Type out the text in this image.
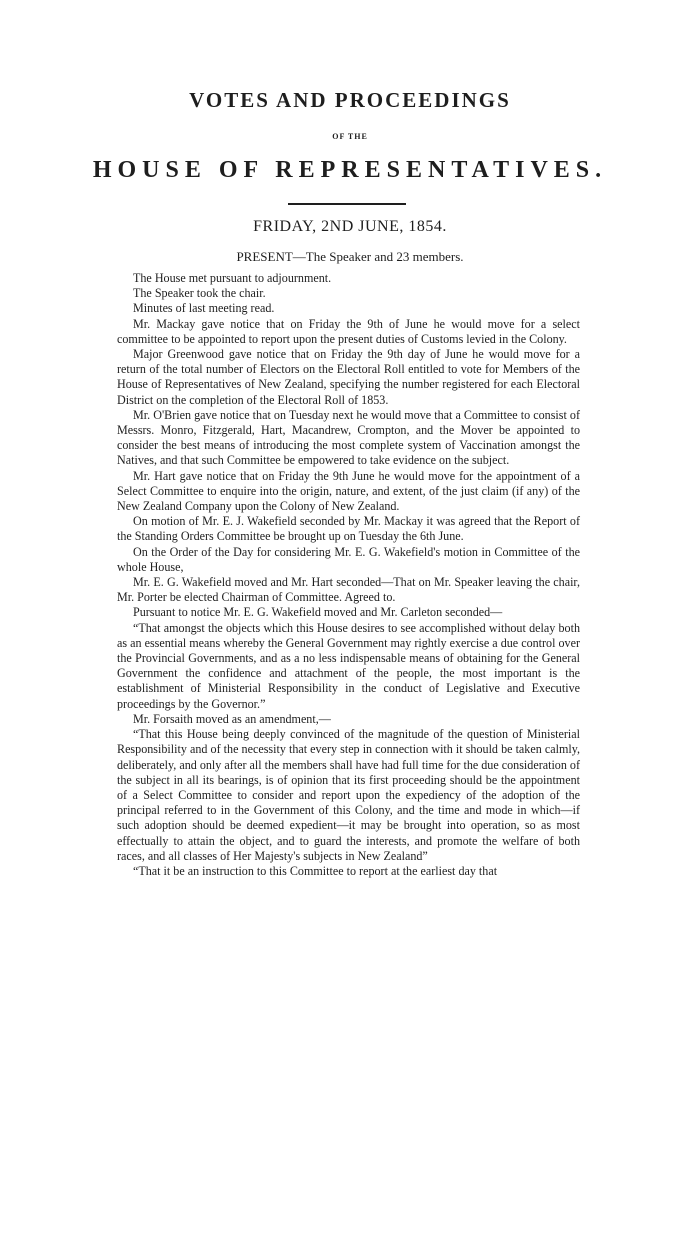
VOTES AND PROCEEDINGS
OF THE
HOUSE OF REPRESENTATIVES.
FRIDAY, 2ND JUNE, 1854.
PRESENT—The Speaker and 23 members.

The House met pursuant to adjournment.

The Speaker took the chair.

Minutes of last meeting read.

Mr. Mackay gave notice that on Friday the 9th of June he would move for a select committee to be appointed to report upon the present duties of Customs levied in the Colony.

Major Greenwood gave notice that on Friday the 9th day of June he would move for a return of the total number of Electors on the Electoral Roll entitled to vote for Members of the House of Representatives of New Zealand, specifying the number registered for each Electoral District on the completion of the Electoral Roll of 1853.

Mr. O'Brien gave notice that on Tuesday next he would move that a Committee to consist of Messrs. Monro, Fitzgerald, Hart, Macandrew, Crompton, and the Mover be appointed to consider the best means of introducing the most complete system of Vaccination amongst the Natives, and that such Committee be empowered to take evidence on the subject.

Mr. Hart gave notice that on Friday the 9th June he would move for the appointment of a Select Committee to enquire into the origin, nature, and extent, of the just claim (if any) of the New Zealand Company upon the Colony of New Zealand.

On motion of Mr. E. J. Wakefield seconded by Mr. Mackay it was agreed that the Report of the Standing Orders Committee be brought up on Tuesday the 6th June.

On the Order of the Day for considering Mr. E. G. Wakefield's motion in Committee of the whole House,

Mr. E. G. Wakefield moved and Mr. Hart seconded—That on Mr. Speaker leaving the chair, Mr. Porter be elected Chairman of Committee. Agreed to.

Pursuant to notice Mr. E. G. Wakefield moved and Mr. Carleton seconded—

“That amongst the objects which this House desires to see accomplished without delay both as an essential means whereby the General Government may rightly exercise a due control over the Provincial Governments, and as a no less indispensable means of obtaining for the General Government the confidence and attachment of the people, the most important is the establishment of Ministerial Responsibility in the conduct of Legislative and Executive proceedings by the Governor.”

Mr. Forsaith moved as an amendment,—

“That this House being deeply convinced of the magnitude of the question of Ministerial Responsibility and of the necessity that every step in connection with it should be taken calmly, deliberately, and only after all the members shall have had full time for the due consideration of the subject in all its bearings, is of opinion that its first proceeding should be the appointment of a Select Committee to consider and report upon the expediency of the adoption of the principal referred to in the Government of this Colony, and the time and mode in which—if such adoption should be deemed expedient—it may be brought into operation, so as most effectually to attain the object, and to guard the interests, and promote the welfare of both races, and all classes of Her Majesty's subjects in New Zealand”

“That it be an instruction to this Committee to report at the earliest day that
